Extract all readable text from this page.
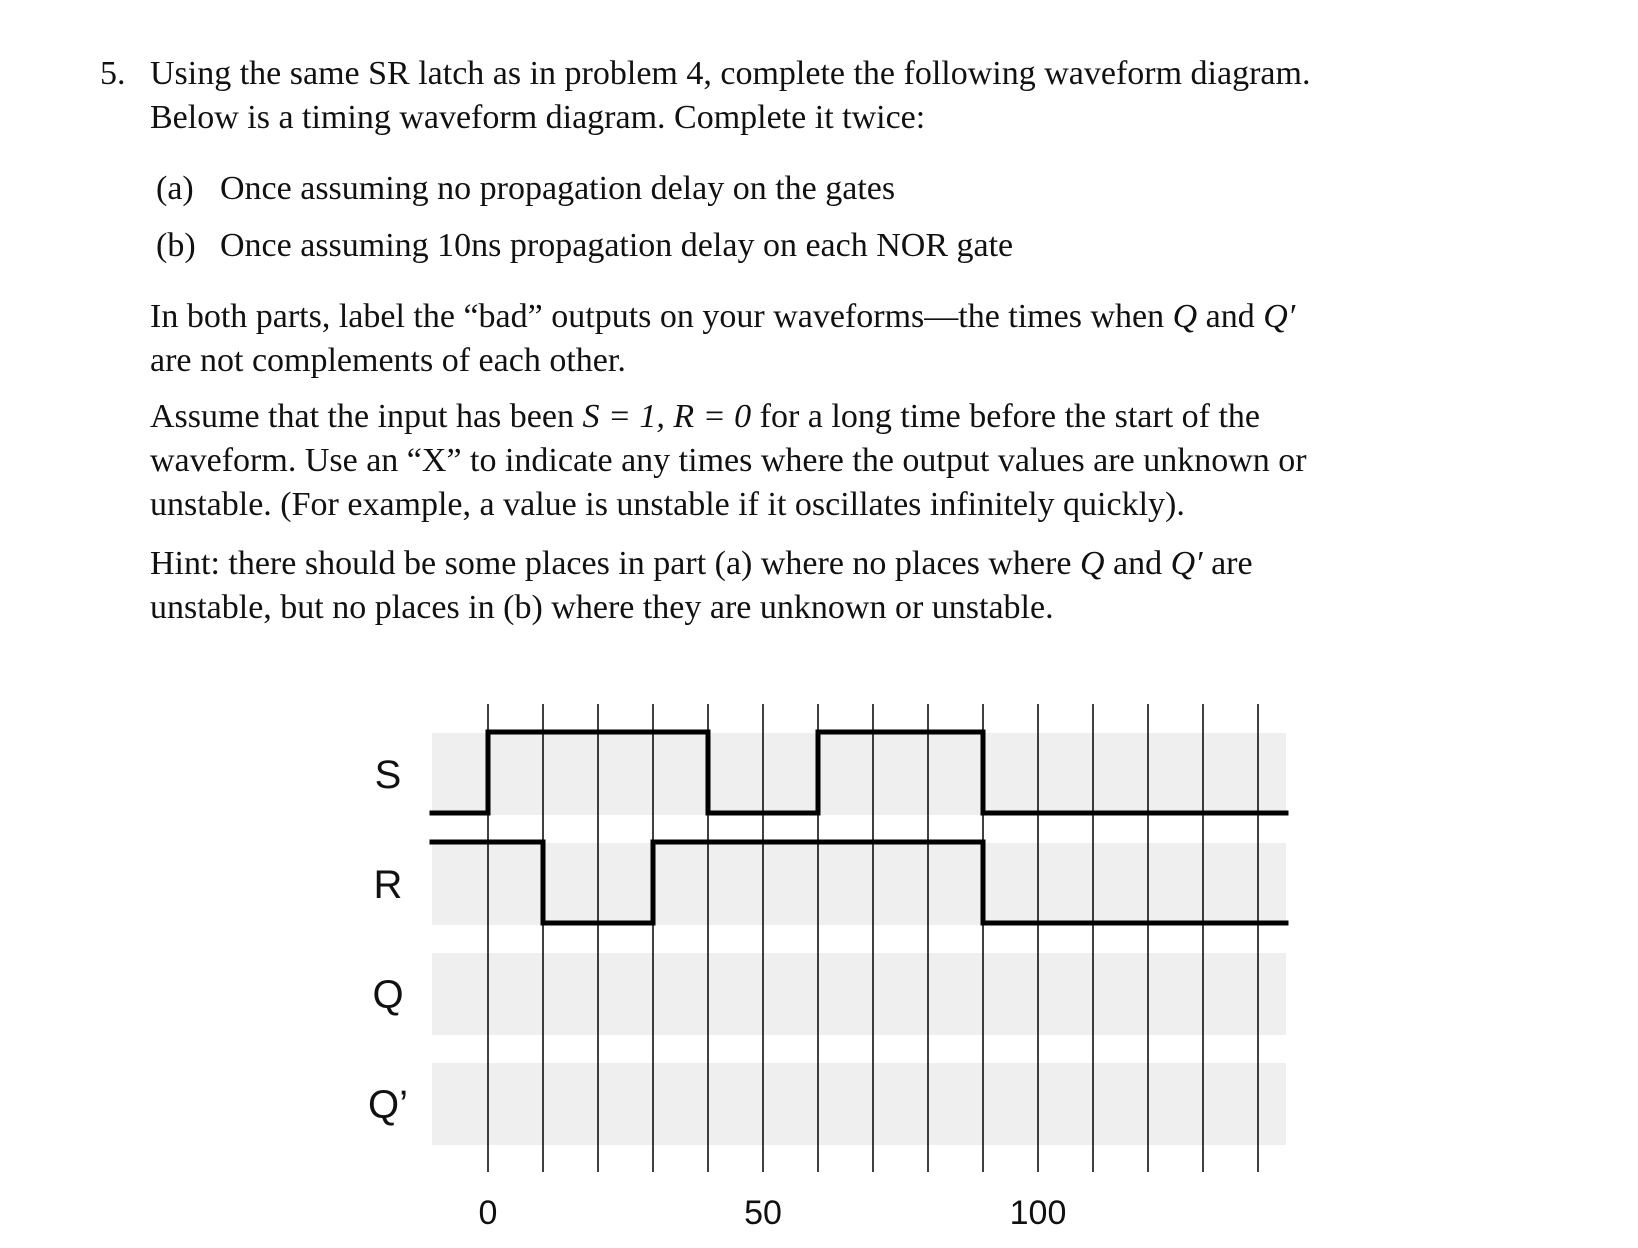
5. Using the same SR latch as in problem 4, complete the following waveform diagram.
Below is a timing waveform diagram. Complete it twice:
(a) Once assuming no propagation delay on the gates
(b) Once assuming 10ns propagation delay on each NOR gate
In both parts, label the “bad” outputs on your waveforms—the times when Q and Q′
are not complements of each other.
Assume that the input has been S = 1, R = 0 for a long time before the start of the
waveform. Use an “X” to indicate any times where the output values are unknown or
unstable. (For example, a value is unstable if it oscillates infinitely quickly).
Hint: there should be some places in part (a) where no places where Q and Q′ are
unstable, but no places in (b) where they are unknown or unstable.
S
R
Q
Q’
0	50	100
